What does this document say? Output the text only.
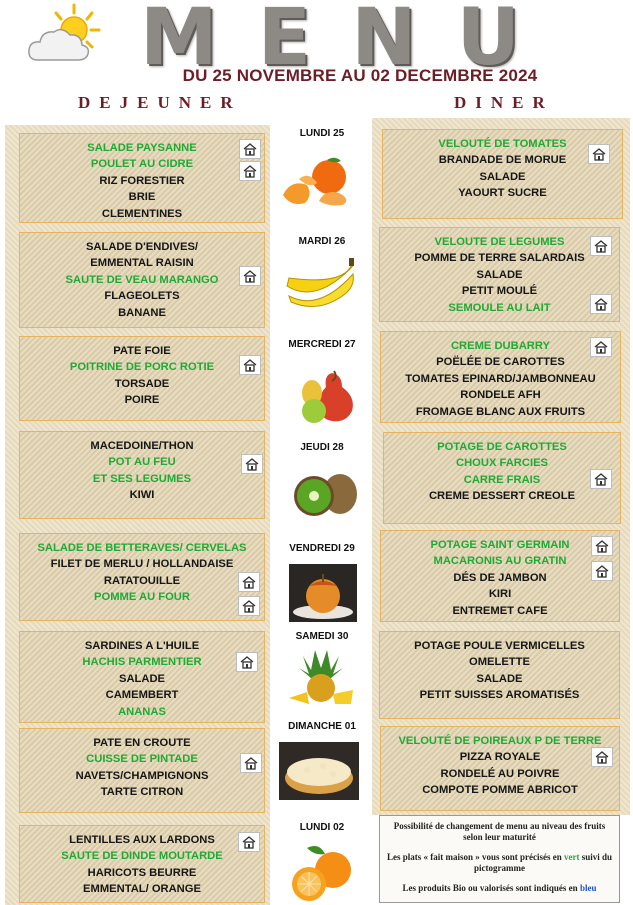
M E N U
DU 25 NOVEMBRE AU 02 DECEMBRE 2024
DEJEUNER	DINER
SALADE PAYSANNE
POULET AU CIDRE
RIZ FORESTIER
BRIE
CLEMENTINES
SALADE D'ENDIVES/
EMMENTAL RAISIN
SAUTE DE VEAU MARANGO
FLAGEOLETS
BANANE
PATE FOIE
POITRINE DE PORC ROTIE
TORSADE
POIRE
MACEDOINE/THON
POT AU FEU
ET SES LEGUMES
KIWI
SALADE DE BETTERAVES/ CERVELAS
FILET DE MERLU / HOLLANDAISE
RATATOUILLE
POMME AU FOUR
SARDINES A L'HUILE
HACHIS PARMENTIER
SALADE
CAMEMBERT
ANANAS
PATE EN CROUTE
CUISSE DE PINTADE
NAVETS/CHAMPIGNONS
TARTE CITRON
LENTILLES AUX LARDONS
SAUTE DE DINDE MOUTARDE
HARICOTS BEURRE
EMMENTAL/ ORANGE
VELOUTÉ DE TOMATES
BRANDADE DE MORUE
SALADE
YAOURT SUCRE
VELOUTE DE LEGUMES
POMME DE TERRE SALARDAIS
SALADE
PETIT MOULÉ
SEMOULE AU LAIT
CREME DUBARRY
POËLÉE DE CAROTTES
TOMATES EPINARD/JAMBONNEAU
RONDELE AFH
FROMAGE BLANC AUX FRUITS
POTAGE DE CAROTTES
CHOUX FARCIES
CARRE FRAIS
CREME DESSERT CREOLE
POTAGE SAINT GERMAIN
MACARONIS AU GRATIN
DÉS DE JAMBON
KIRI
ENTREMET CAFE
POTAGE POULE VERMICELLES
OMELETTE
SALADE
PETIT SUISSES AROMATISÉS
VELOUTÉ DE POIREAUX P DE TERRE
PIZZA ROYALE
RONDELÉ AU POIVRE
COMPOTE POMME ABRICOT
LUNDI 25
MARDI 26
MERCREDI 27
JEUDI 28
VENDREDI 29
SAMEDI 30
DIMANCHE 01
LUNDI 02	Possibilité de changement de menu au niveau des fruits selon leur maturité

Les plats « fait maison » vous sont précisés en vert suivi du pictogramme

Les produits Bio ou valorisés sont indiqués en bleu
